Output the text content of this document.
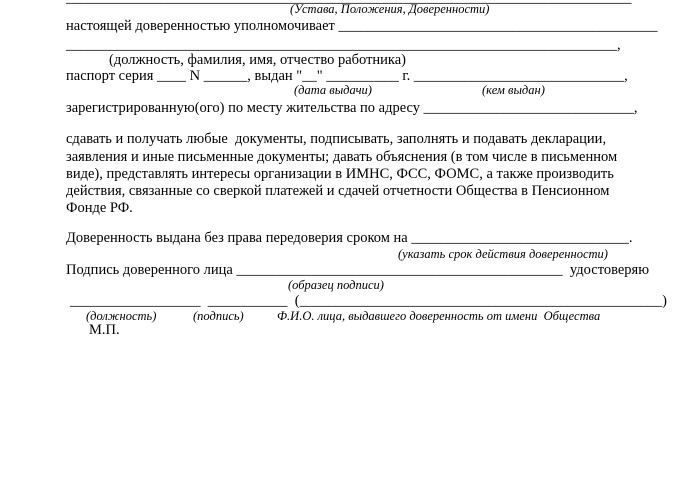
(Устава, Положения, Доверенности)
настоящей доверенностью уполномочивает ____________________________________________
____________________________________________________________________________,
(должность, фамилия, имя, отчество работника)
паспорт серия ____ N ______, выдан "__" __________ г. _____________________________,
(дата выдачи)	(кем выдан)
зарегистрированную(ого) по месту жительства по адресу _____________________________,
сдавать и получать любые  документы, подписывать, заполнять и подавать декларации,
заявления и иные письменные документы; давать объяснения (в том числе в письменном
виде), представлять интересы организации в ИМНС, ФСС, ФОМС, а также производить
действия, связанные со сверкой платежей и сдачей отчетности Общества в Пенсионном
Фонде РФ.
Доверенность выдана без права передоверия сроком на ______________________________.
(указать срок действия доверенности)
Подпись доверенного лица _____________________________________________  удостоверяю
(образец подписи)
__________________  ___________  (__________________________________________________)
(должность)	(подпись)	Ф.И.О. лица, выдавшего доверенность от имени  Общества
М.П.
